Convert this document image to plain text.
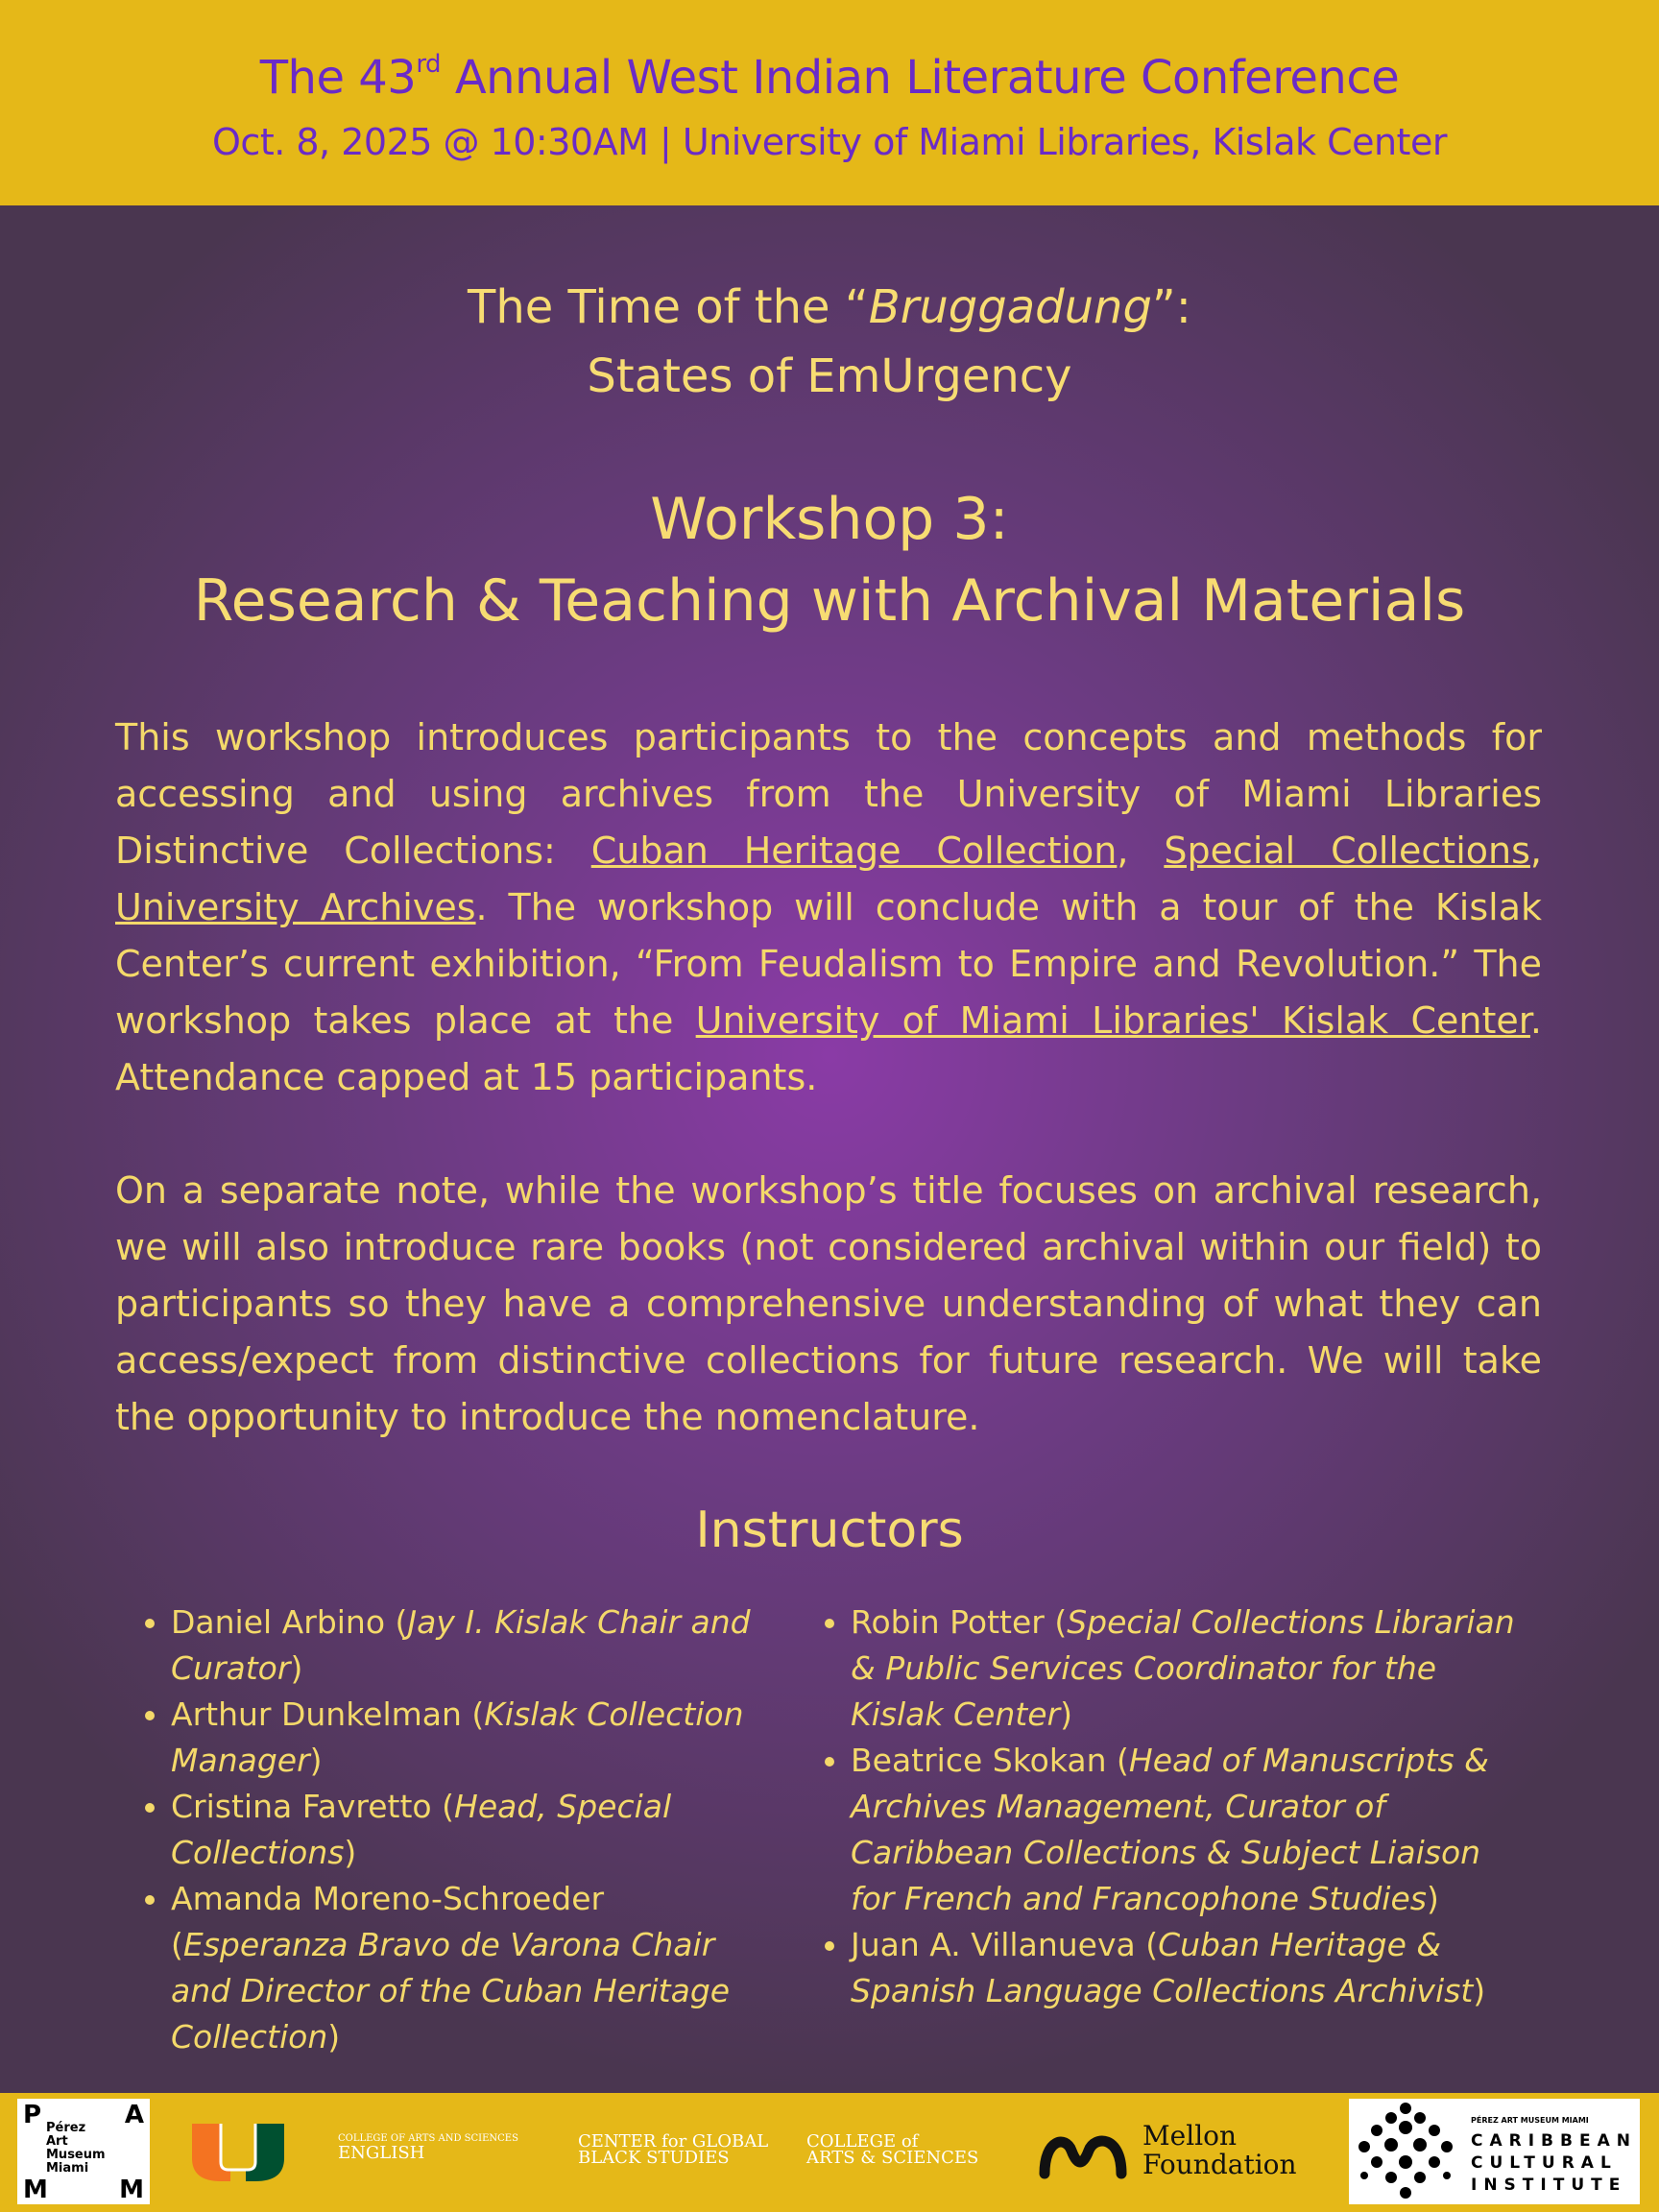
The 43rd Annual West Indian Literature Conference
Oct. 8, 2025 @ 10:30AM | University of Miami Libraries, Kislak Center
The Time of the “Bruggadung”:
States of EmUrgency
Workshop 3:
Research & Teaching with Archival Materials
This workshop introduces participants to the concepts and methods for accessing and using archives from the University of Miami Libraries Distinctive Collections: Cuban Heritage Collection, Special Collections, University Archives. The workshop will conclude with a tour of the Kislak Center’s current exhibition, “From Feudalism to Empire and Revolution.” The workshop takes place at the University of Miami Libraries' Kislak Center. Attendance capped at 15 participants.
On a separate note, while the workshop’s title focuses on archival research, we will also introduce rare books (not considered archival within our field) to participants so they have a comprehensive understanding of what they can access/expect from distinctive collections for future research. We will take the opportunity to introduce the nomenclature.
Instructors
• Daniel Arbino (Jay I. Kislak Chair and Curator)
• Arthur Dunkelman (Kislak Collection Manager)
• Cristina Favretto (Head, Special Collections)
• Amanda Moreno-Schroeder (Esperanza Bravo de Varona Chair and Director of the Cuban Heritage Collection)
• Robin Potter (Special Collections Librarian & Public Services Coordinator for the Kislak Center)
• Beatrice Skokan (Head of Manuscripts & Archives Management, Curator of Caribbean Collections & Subject Liaison for French and Francophone Studies)
• Juan A. Villanueva (Cuban Heritage & Spanish Language Collections Archivist)
P	A
M	M
Pérez
Art
Museum
Miami
COLLEGE OF ARTS AND SCIENCES
ENGLISH
CENTER for GLOBAL
BLACK STUDIES
COLLEGE of
ARTS & SCIENCES
Mellon
Foundation
PÉREZ ART MUSEUM MIAMI
CARIBBEAN
CULTURAL
INSTITUTE
